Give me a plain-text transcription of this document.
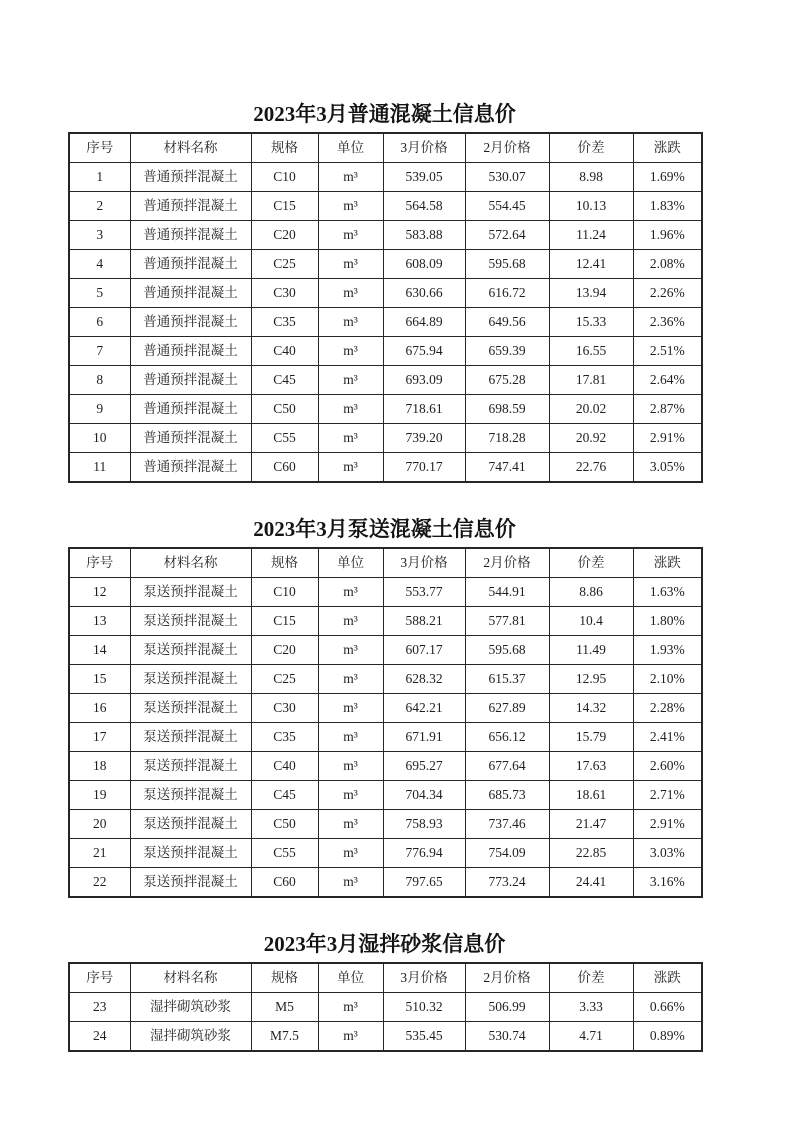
2023年3月普通混凝土信息价
序号	材料名称	规格	单位	3月价格	2月价格	价差	涨跌
1	普通预拌混凝土	C10	m³	539.05	530.07	8.98	1.69%
2	普通预拌混凝土	C15	m³	564.58	554.45	10.13	1.83%
3	普通预拌混凝土	C20	m³	583.88	572.64	11.24	1.96%
4	普通预拌混凝土	C25	m³	608.09	595.68	12.41	2.08%
5	普通预拌混凝土	C30	m³	630.66	616.72	13.94	2.26%
6	普通预拌混凝土	C35	m³	664.89	649.56	15.33	2.36%
7	普通预拌混凝土	C40	m³	675.94	659.39	16.55	2.51%
8	普通预拌混凝土	C45	m³	693.09	675.28	17.81	2.64%
9	普通预拌混凝土	C50	m³	718.61	698.59	20.02	2.87%
10	普通预拌混凝土	C55	m³	739.20	718.28	20.92	2.91%
11	普通预拌混凝土	C60	m³	770.17	747.41	22.76	3.05%
2023年3月泵送混凝土信息价
序号	材料名称	规格	单位	3月价格	2月价格	价差	涨跌
12	泵送预拌混凝土	C10	m³	553.77	544.91	8.86	1.63%
13	泵送预拌混凝土	C15	m³	588.21	577.81	10.4	1.80%
14	泵送预拌混凝土	C20	m³	607.17	595.68	11.49	1.93%
15	泵送预拌混凝土	C25	m³	628.32	615.37	12.95	2.10%
16	泵送预拌混凝土	C30	m³	642.21	627.89	14.32	2.28%
17	泵送预拌混凝土	C35	m³	671.91	656.12	15.79	2.41%
18	泵送预拌混凝土	C40	m³	695.27	677.64	17.63	2.60%
19	泵送预拌混凝土	C45	m³	704.34	685.73	18.61	2.71%
20	泵送预拌混凝土	C50	m³	758.93	737.46	21.47	2.91%
21	泵送预拌混凝土	C55	m³	776.94	754.09	22.85	3.03%
22	泵送预拌混凝土	C60	m³	797.65	773.24	24.41	3.16%
2023年3月湿拌砂浆信息价
序号	材料名称	规格	单位	3月价格	2月价格	价差	涨跌
23	湿拌砌筑砂浆	M5	m³	510.32	506.99	3.33	0.66%
24	湿拌砌筑砂浆	M7.5	m³	535.45	530.74	4.71	0.89%
